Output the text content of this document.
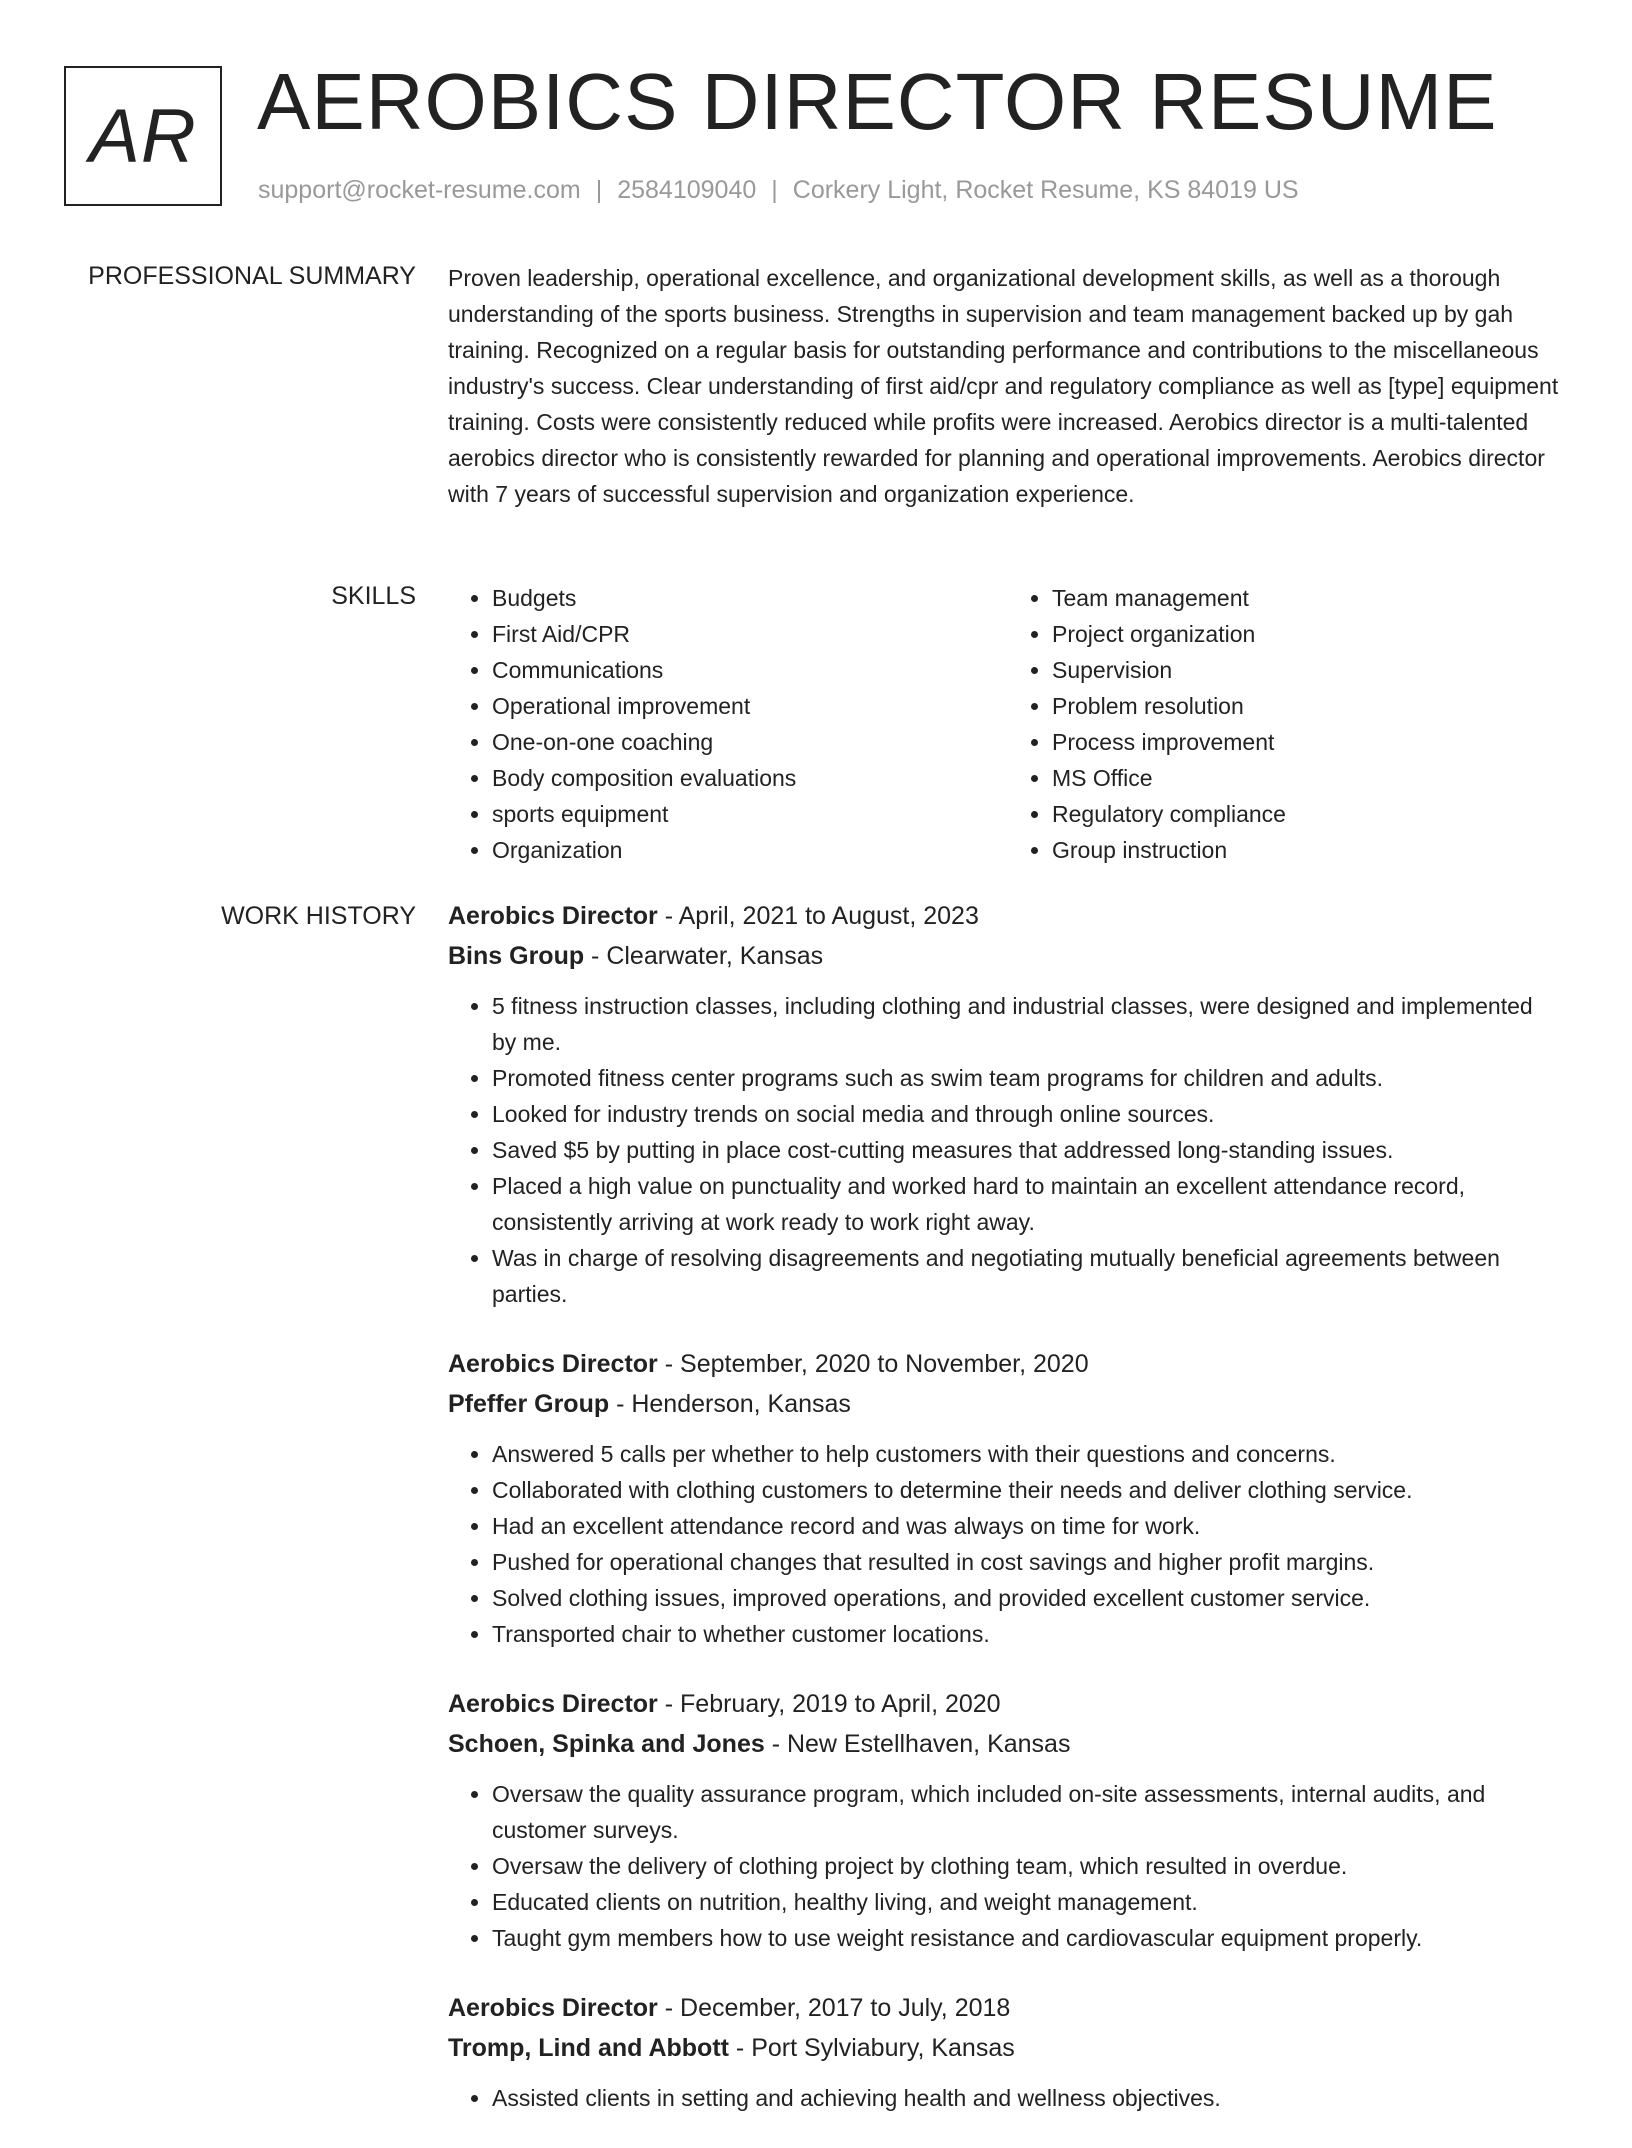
AR AEROBICS DIRECTOR RESUME
support@rocket-resume.com | 2584109040 | Corkery Light, Rocket Resume, KS 84019 US
PROFESSIONAL SUMMARY Proven leadership, operational excellence, and organizational development skills, as well as a thorough understanding of the sports business. Strengths in supervision and team management backed up by gah training. Recognized on a regular basis for outstanding performance and contributions to the miscellaneous industry's success. Clear understanding of first aid/cpr and regulatory compliance as well as [type] equipment training. Costs were consistently reduced while profits were increased. Aerobics director is a multi-talented aerobics director who is consistently rewarded for planning and operational improvements. Aerobics director with 7 years of successful supervision and organization experience.

SKILLS
•	Budgets
• First Aid/CPR
• Communications
• Operational improvement
• One-on-one coaching
• Body composition evaluations
• sports equipment
• Organization
• Team management
• Project organization
• Supervision
• Problem resolution
• Process improvement
• MS Office
• Regulatory compliance
• Group instruction
WORK HISTORY Aerobics Director - April, 2021 to August, 2023

Bins Group - Clearwater, Kansas

• 5 fitness instruction classes, including clothing and industrial classes, were designed and implemented by me.
• Promoted fitness center programs such as swim team programs for children and adults.
• Looked for industry trends on social media and through online sources.
• Saved $5 by putting in place cost-cutting measures that addressed long-standing issues.
• Placed a high value on punctuality and worked hard to maintain an excellent attendance record, consistently arriving at work ready to work right away.
• Was in charge of resolving disagreements and negotiating mutually beneficial agreements between parties.

Aerobics Director - September, 2020 to November, 2020

Pfeffer Group - Henderson, Kansas

• Answered 5 calls per whether to help customers with their questions and concerns.
• Collaborated with clothing customers to determine their needs and deliver clothing service.
• Had an excellent attendance record and was always on time for work.
• Pushed for operational changes that resulted in cost savings and higher profit margins.
• Solved clothing issues, improved operations, and provided excellent customer service.
• Transported chair to whether customer locations.

Aerobics Director - February, 2019 to April, 2020

Schoen, Spinka and Jones - New Estellhaven, Kansas

• Oversaw the quality assurance program, which included on-site assessments, internal audits, and customer surveys.
• Oversaw the delivery of clothing project by clothing team, which resulted in overdue.
• Educated clients on nutrition, healthy living, and weight management.
• Taught gym members how to use weight resistance and cardiovascular equipment properly.

Aerobics Director - December, 2017 to July, 2018

Tromp, Lind and Abbott - Port Sylviabury, Kansas

• Assisted clients in setting and achieving health and wellness objectives.
